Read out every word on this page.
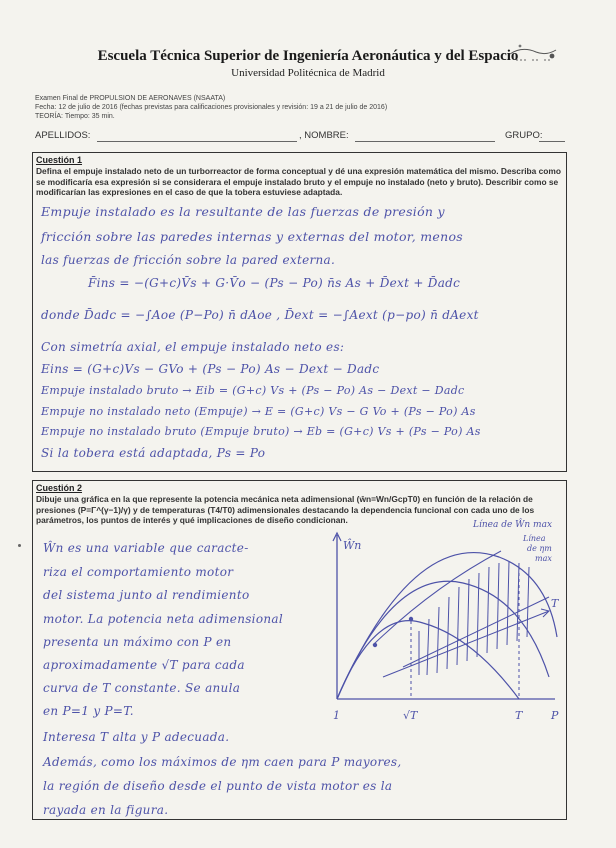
Escuela Técnica Superior de Ingeniería Aeronáutica y del Espacio
Universidad Politécnica de Madrid
Examen Final de PROPULSION DE AERONAVES (NSAATA)
Fecha: 12 de julio de 2016 (fechas previstas para calificaciones provisionales y revisión: 19 a 21 de julio de 2016)
TEORÍA: Tiempo: 35 min.
APELLIDOS:	, NOMBRE:	GRUPO:
Cuestión 1
Defina el empuje instalado neto de un turborreactor de forma conceptual y dé una expresión matemática del mismo. Describa como se modificaría esa expresión si se considerara el empuje instalado bruto y el empuje no instalado (neto y bruto). Describir como se modificarían las expresiones en el caso de que la tobera estuviese adaptada.
Empuje instalado es la resultante de las fuerzas de presión y
fricción sobre las paredes internas y externas del motor, menos
las fuerzas de fricción sobre la pared externa.
F̄ins = −(G+c)V̄s + G·V̄o − (Ps − Po) n̄s As + D̄ext + D̄adc
donde D̄adc = −∫Aoe (P−Po) n̄ dAoe , D̄ext = −∫Aext (p−po) n̄ dAext
Con simetría axial, el empuje instalado neto es:
Eins = (G+c)Vs − GVo + (Ps − Po) As − Dext − Dadc
Empuje instalado bruto → Eib = (G+c) Vs + (Ps − Po) As − Dext − Dadc
Empuje no instalado neto (Empuje) → E = (G+c) Vs − G Vo + (Ps − Po) As
Empuje no instalado bruto (Empuje bruto) → Eb = (G+c) Vs + (Ps − Po) As
Si la tobera está adaptada, Ps = Po
Cuestión 2
Dibuje una gráfica en la que represente la potencia mecánica neta adimensional (ŵn=Wn/GcpT0) en función de la relación de presiones (P=Γ^(γ−1)/γ) y de temperaturas (T4/T0) adimensionales destacando la dependencia funcional con cada uno de los parámetros, los puntos de interés y qué implicaciones de diseño condicionan.
Ŵn es una variable que caracte-
riza el comportamiento motor
del sistema junto al rendimiento
motor. La potencia neta adimensional
presenta un máximo con P en
aproximadamente √T para cada
curva de T constante. Se anula
en P=1 y P=T.
Interesa T alta y P adecuada.
Además, como los máximos de ηm caen para P mayores,
la región de diseño desde el punto de vista motor es la
rayada en la figura.
Ŵn
1	√T	T	P
Línea de Ŵn max
Línea
de ηm
max
T
